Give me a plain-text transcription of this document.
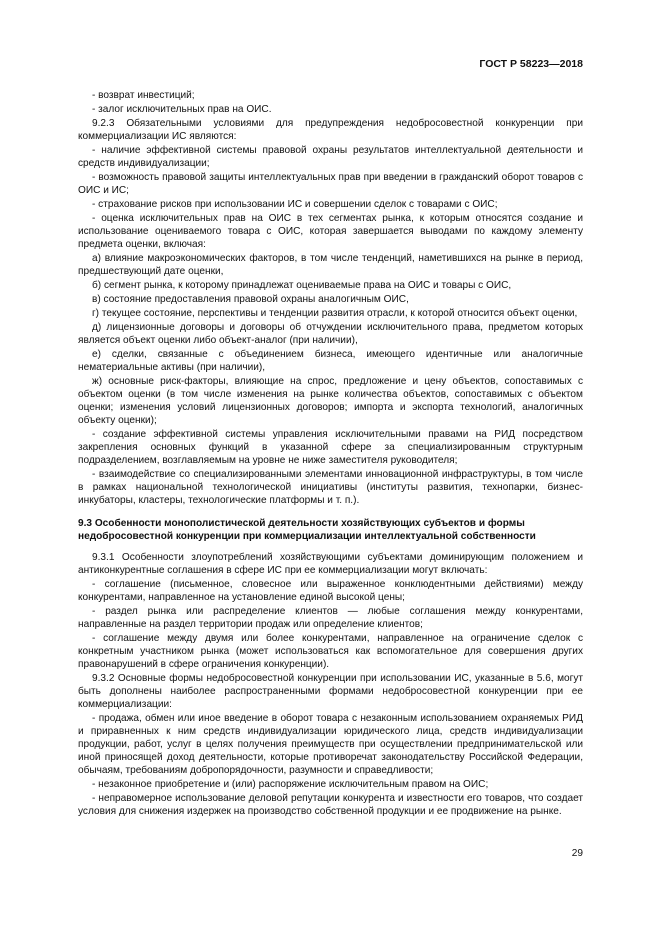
ГОСТ Р 58223—2018

- возврат инвестиций;

- залог исключительных прав на ОИС.

9.2.3 Обязательными условиями для предупреждения недобросовестной конкуренции при коммерциализации ИС являются:

- наличие эффективной системы правовой охраны результатов интеллектуальной деятельности и средств индивидуализации;

- возможность правовой защиты интеллектуальных прав при введении в гражданский оборот товаров с ОИС и ИС;

- страхование рисков при использовании ИС и совершении сделок с товарами с ОИС;

- оценка исключительных прав на ОИС в тех сегментах рынка, к которым относятся создание и использование оцениваемого товара с ОИС, которая завершается выводами по каждому элементу предмета оценки, включая:

а) влияние макроэкономических факторов, в том числе тенденций, наметившихся на рынке в период, предшествующий дате оценки,

б) сегмент рынка, к которому принадлежат оцениваемые права на ОИС и товары с ОИС,

в) состояние предоставления правовой охраны аналогичным ОИС,

г) текущее состояние, перспективы и тенденции развития отрасли, к которой относится объект оценки,

д) лицензионные договоры и договоры об отчуждении исключительного права, предметом которых является объект оценки либо объект-аналог (при наличии),

е) сделки, связанные с объединением бизнеса, имеющего идентичные или аналогичные нематериальные активы (при наличии),

ж) основные риск-факторы, влияющие на спрос, предложение и цену объектов, сопоставимых с объектом оценки (в том числе изменения на рынке количества объектов, сопоставимых с объектом оценки; изменения условий лицензионных договоров; импорта и экспорта технологий, аналогичных объекту оценки);

- создание эффективной системы управления исключительными правами на РИД посредством закрепления основных функций в указанной сфере за специализированным структурным подразделением, возглавляемым на уровне не ниже заместителя руководителя;

- взаимодействие со специализированными элементами инновационной инфраструктуры, в том числе в рамках национальной технологической инициативы (институты развития, технопарки, бизнес-инкубаторы, кластеры, технологические платформы и т. п.).

9.3 Особенности монополистической деятельности хозяйствующих субъектов и формы недобросовестной конкуренции при коммерциализации интеллектуальной собственности

9.3.1 Особенности злоупотреблений хозяйствующими субъектами доминирующим положением и антиконкурентные соглашения в сфере ИС при ее коммерциализации могут включать:

- соглашение (письменное, словесное или выраженное конклюдентными действиями) между конкурентами, направленное на установление единой высокой цены;

- раздел рынка или распределение клиентов — любые соглашения между конкурентами, направленные на раздел территории продаж или определение клиентов;

- соглашение между двумя или более конкурентами, направленное на ограничение сделок с конкретным участником рынка (может использоваться как вспомогательное для совершения других правонарушений в сфере ограничения конкуренции).

9.3.2 Основные формы недобросовестной конкуренции при использовании ИС, указанные в 5.6, могут быть дополнены наиболее распространенными формами недобросовестной конкуренции при ее коммерциализации:

- продажа, обмен или иное введение в оборот товара с незаконным использованием охраняемых РИД и приравненных к ним средств индивидуализации юридического лица, средств индивидуализации продукции, работ, услуг в целях получения преимуществ при осуществлении предпринимательской или иной приносящей доход деятельности, которые противоречат законодательству Российской Федерации, обычаям, требованиям добропорядочности, разумности и справедливости;

- незаконное приобретение и (или) распоряжение исключительным правом на ОИС;

- неправомерное использование деловой репутации конкурента и известности его товаров, что создает условия для снижения издержек на производство собственной продукции и ее продвижение на рынке.

29
